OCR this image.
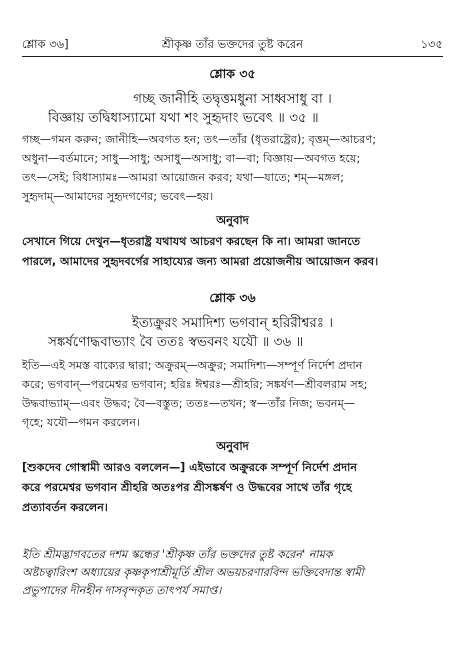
শ্লোক ৩৬]	শ্রীকৃষ্ণ তাঁর ভক্তদের তুষ্ট করেন	১৩৫
শ্লোক ৩৫
গচ্ছ জানীহি তদ্বৃত্তমধুনা সাধ্বসাধু বা ।
বিজ্ঞায় তদ্বিধাস্যামো যথা শং সুহৃদাং ভবেৎ ॥ ৩৫ ॥
গচ্ছ—গমন করুন; জানীহি—অবগত হন; তৎ—তাঁর (ধৃতরাষ্ট্রের); বৃত্তম্—আচরণ;
অধুনা—বর্তমানে; সাধু—সাধু; অসাধু—অসাধু; বা—বা; বিজ্ঞায়—অবগত হয়ে;
তৎ—সেই; বিধাস্যামঃ—আমরা আয়োজন করব; যথা—যাতে; শম্—মঙ্গল;
সুহৃদাম্—আমাদের সুহৃদগণের; ভবেৎ—হয়।
অনুবাদ
সেখানে গিয়ে দেখুন—ধৃতরাষ্ট্র যথাযথ আচরণ করছেন কি না। আমরা জানতে
পারলে, আমাদের সুহৃদবর্গের সাহায্যের জন্য আমরা প্রয়োজনীয় আয়োজন করব।
শ্লোক ৩৬
ইত্যক্রুরং সমাদিশ্য ভগবান্ হরিরীশ্বরঃ ।
সঙ্কর্ষণোদ্ধবাভ্যাং বৈ ততঃ স্বভবনং যযৌ ॥ ৩৬ ॥
ইতি—এই সমস্ত বাক্যের দ্বারা; অক্রুরম্—অক্রুর; সমাদিশ্য—সম্পূর্ণ নির্দেশ প্রদান
করে; ভগবান্—পরমেশ্বর ভগবান; হরিঃ ঈশ্বরঃ—শ্রীহরি; সঙ্কর্ষণ—শ্রীবলরাম সহ;
উদ্ধবাভ্যাম্—এবং উদ্ধব; বৈ—বস্তুত; ততঃ—তখন; স্ব—তাঁর নিজ; ভবনম্—
গৃহে; যযৌ—গমন করলেন।
অনুবাদ
[শুকদেব গোস্বামী আরও বললেন—] এইভাবে অক্রুরকে সম্পূর্ণ নির্দেশ প্রদান
করে পরমেশ্বর ভগবান শ্রীহরি অতঃপর শ্রীসঙ্কর্ষণ ও উদ্ধবের সাথে তাঁর গৃহে
প্রত্যাবর্তন করলেন।
ইতি শ্রীমদ্ভাগবতের দশম স্কন্ধের 'শ্রীকৃষ্ণ তাঁর ভক্তদের তুষ্ট করেন' নামক
অষ্টচত্বারিংশ অধ্যায়ের কৃষ্ণকৃপাশ্রীমূর্তি শ্রীল অভয়চরণারবিন্দ ভক্তিবেদান্ত স্বামী
প্রভুপাদের দীনহীন দাসবৃন্দকৃত তাৎপর্য সমাপ্ত।
